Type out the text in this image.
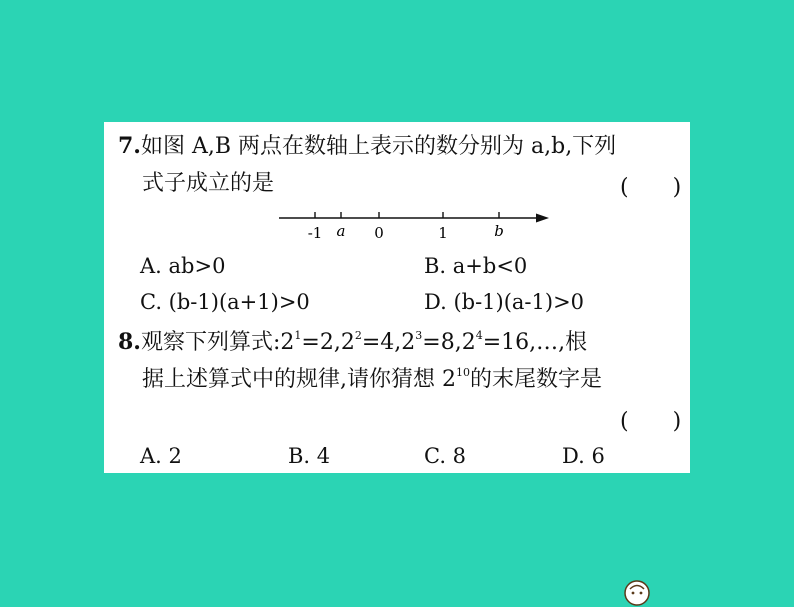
7.如图 A,B 两点在数轴上表示的数分别为 a,b,下列
式子成立的是	(　　)
-1 a 0	1	b
A. ab>0	B. a+b<0
C. (b-1)(a+1)>0	D. (b-1)(a-1)>0
8.观察下列算式$:2^1=2,2^2=4,2^3=8,2^4=16,\dots$,根
据上述算式中的规律,请你猜想 $2^{10}$的末尾数字是
(　　)
A. 2	B. 4	C. 8	D. 6
